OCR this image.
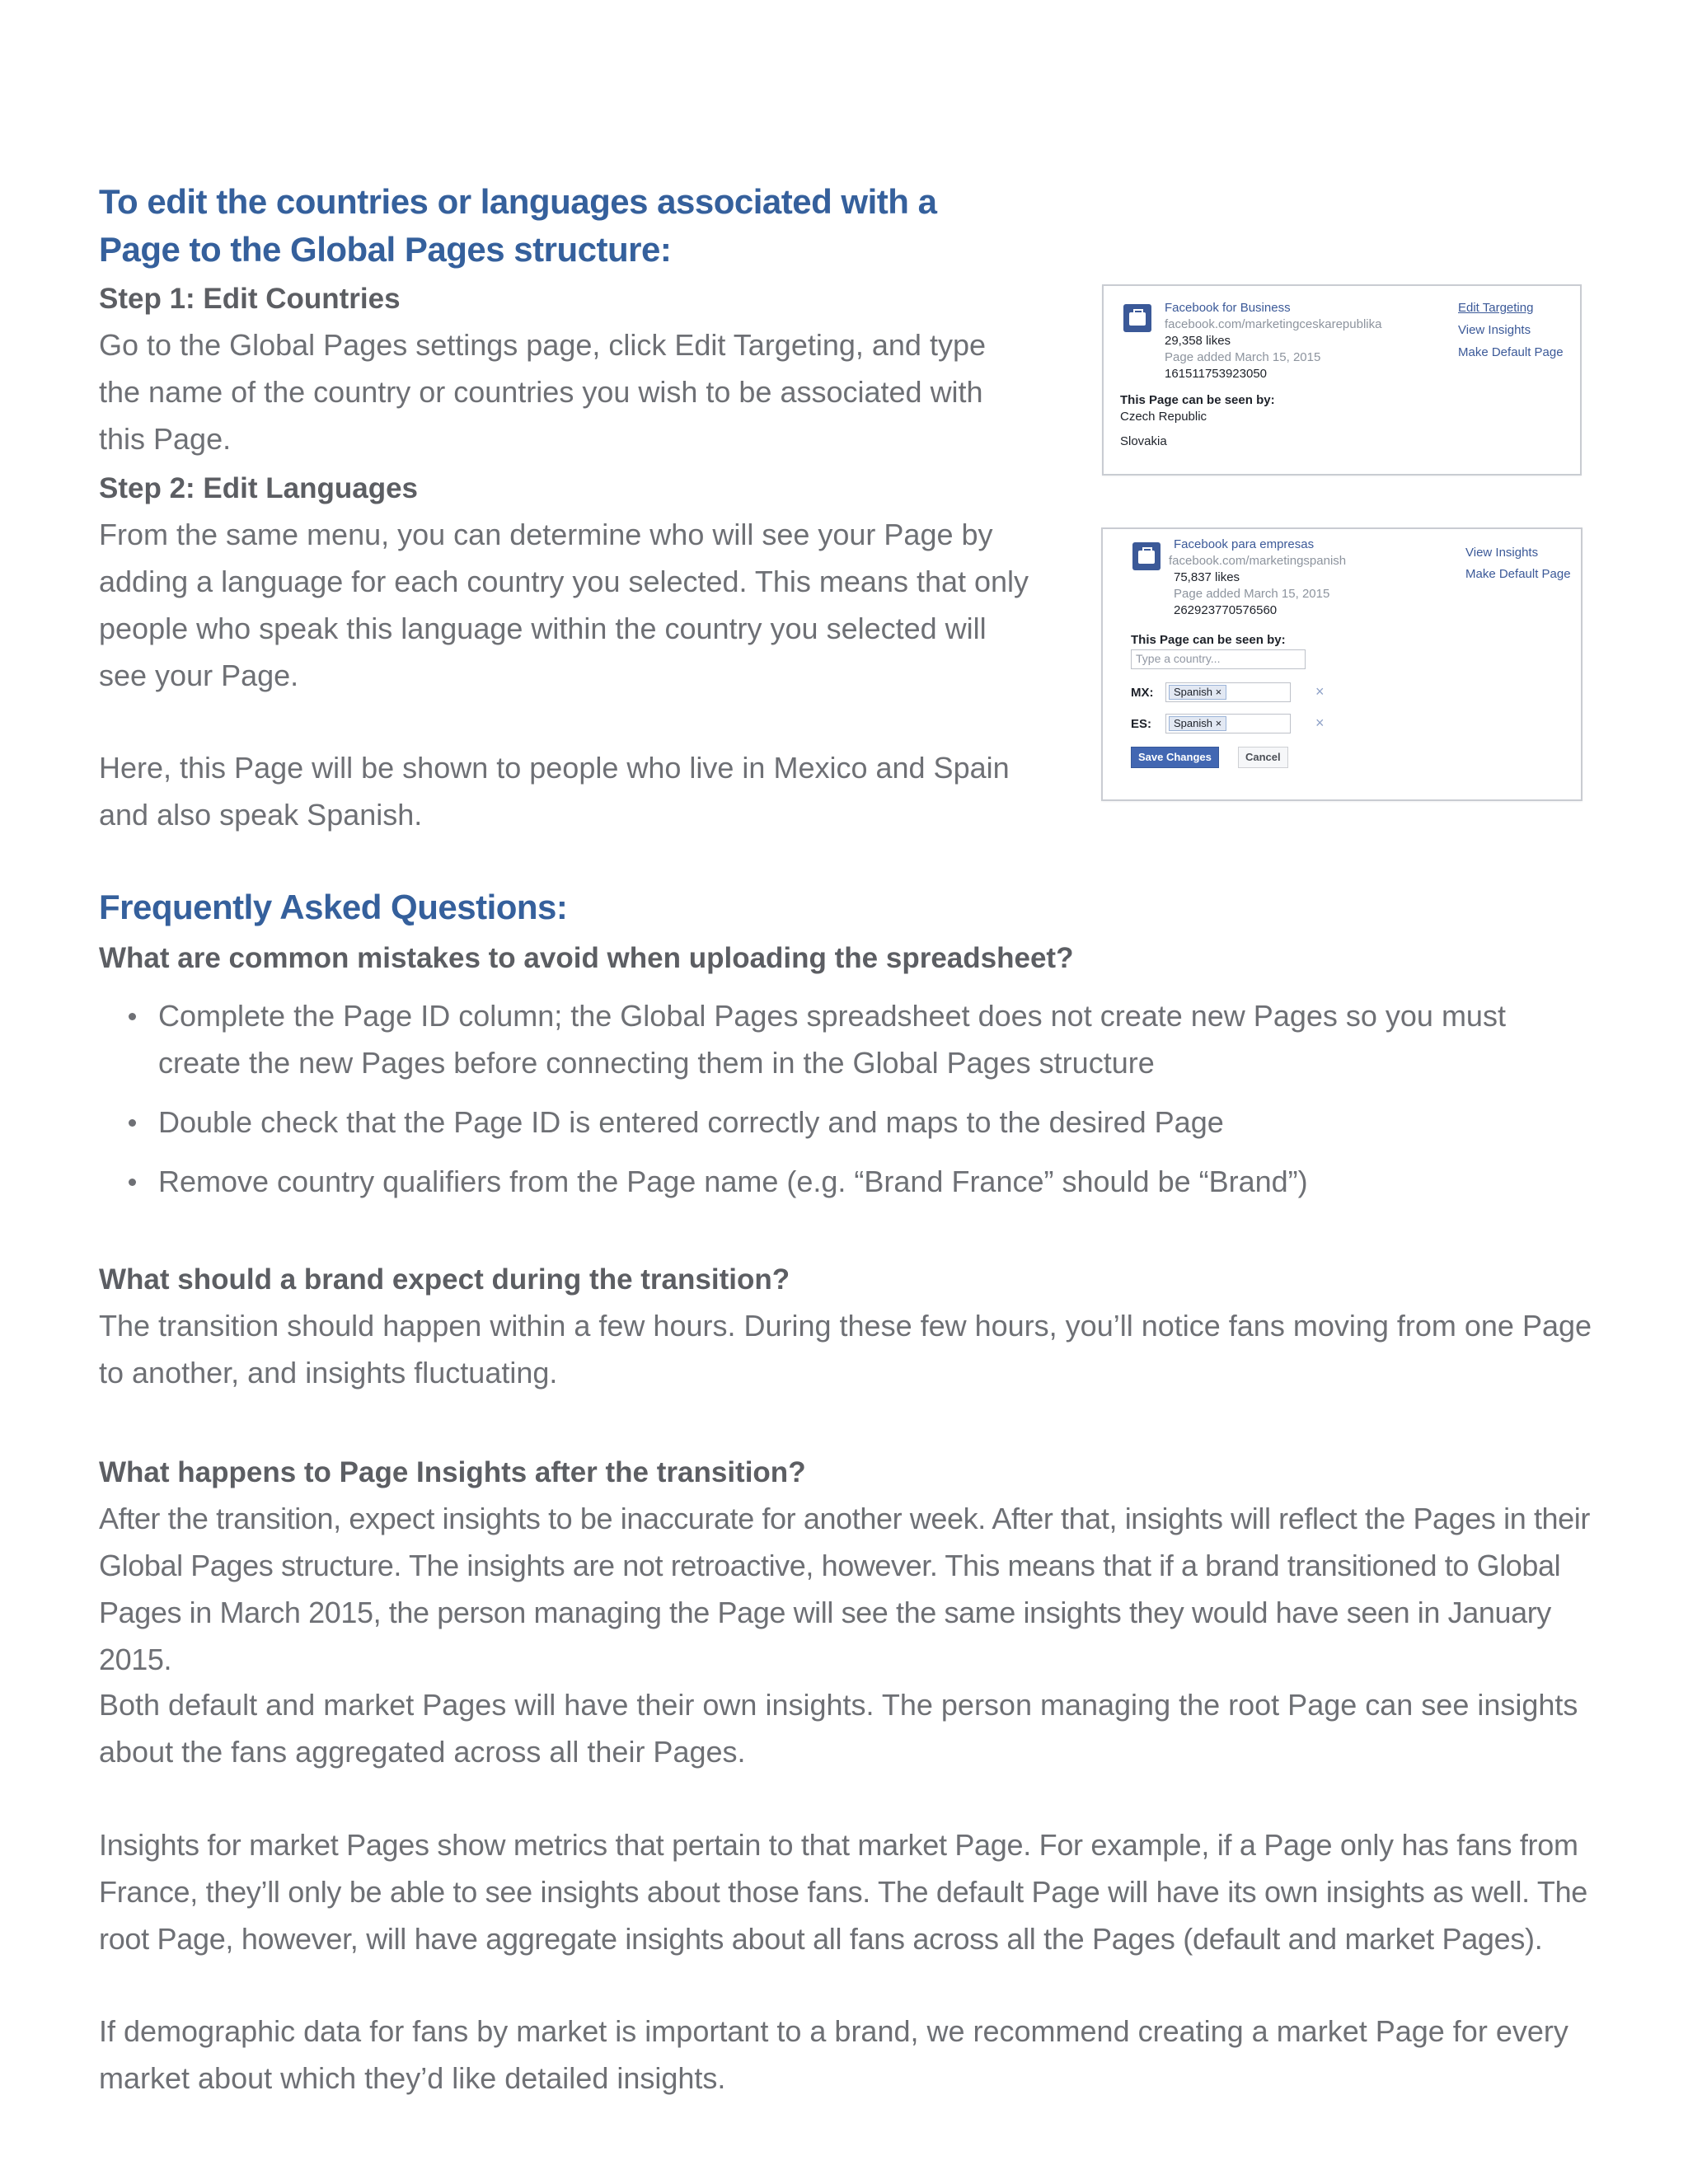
To edit the countries or languages associated with a
Page to the Global Pages structure:
Step 1: Edit Countries

Go to the Global Pages settings page, click Edit Targeting, and type the name of the country or countries you wish to be associated with this Page.

Step 2: Edit Languages

From the same menu, you can determine who will see your Page by adding a language for each country you selected. This means that only people who speak this language within the country you selected will see your Page.

Here, this Page will be shown to people who live in Mexico and Spain and also speak Spanish.

Facebook for Business
facebook.com/marketingceskarepublika
29,358 likes
Page added March 15, 2015
161511753923050
This Page can be seen by:
Czech Republic
Slovakia
Edit Targeting
View Insights
Make Default Page
Facebook para empresas
facebook.com/marketingspanish
75,837 likes
Page added March 15, 2015
262923770576560
This Page can be seen by:
Type a country...
MX:	Spanish ×	×
ES:	Spanish ×	×
Save Changes	Cancel
View Insights
Make Default Page
Frequently Asked Questions:
What are common mistakes to avoid when uploading the spreadsheet?
Complete the Page ID column; the Global Pages spreadsheet does not create new Pages so you must create the new Pages before connecting them in the Global Pages structure
Double check that the Page ID is entered correctly and maps to the desired Page
Remove country qualifiers from the Page name (e.g. “Brand France” should be “Brand”)
What should a brand expect during the transition?

The transition should happen within a few hours. During these few hours, you’ll notice fans moving from one Page to another, and insights fluctuating.

What happens to Page Insights after the transition?

After the transition, expect insights to be inaccurate for another week. After that, insights will reflect the Pages in their Global Pages structure. The insights are not retroactive, however. This means that if a brand transitioned to Global Pages in March 2015, the person managing the Page will see the same insights they would have seen in January 2015.

Both default and market Pages will have their own insights. The person managing the root Page can see insights about the fans aggregated across all their Pages.

Insights for market Pages show metrics that pertain to that market Page. For example, if a Page only has fans from France, they’ll only be able to see insights about those fans. The default Page will have its own insights as well. The root Page, however, will have aggregate insights about all fans across all the Pages (default and market Pages).

If demographic data for fans by market is important to a brand, we recommend creating a market Page for every market about which they’d like detailed insights.
